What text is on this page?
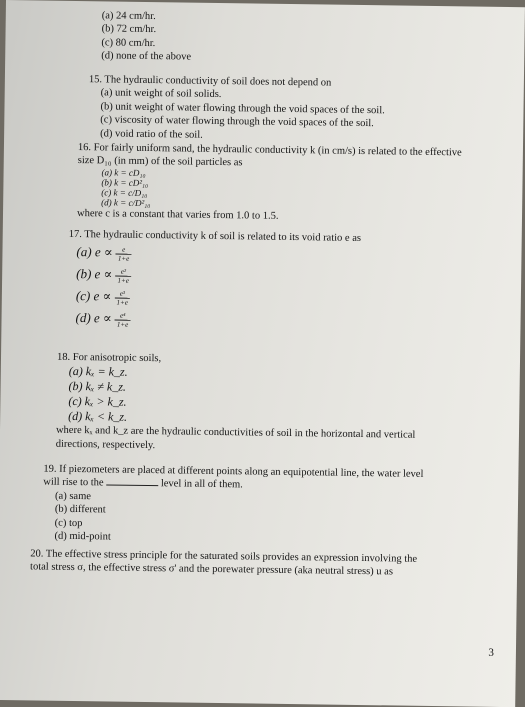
(a) 24 cm/hr.
(b) 72 cm/hr.
(c) 80 cm/hr.
(d) none of the above
15. The hydraulic conductivity of soil does not depend on
(a) unit weight of soil solids.
(b) unit weight of water flowing through the void spaces of the soil.
(c) viscosity of water flowing through the void spaces of the soil.
(d) void ratio of the soil.
16. For fairly uniform sand, the hydraulic conductivity k (in cm/s) is related to the effective
size D₁₀ (in mm) of the soil particles as
(a) k = cD₁₀
(b) k = cD²₁₀
(c) k = c/D₁₀
(d) k = c/D²₁₀
where c is a constant that varies from 1.0 to 1.5.
17. The hydraulic conductivity k of soil is related to its void ratio e as
(a) $e \propto \frac{e}{1+e}$
(b) $e \propto \frac{\text{e²}}{1+e}$
(c) $e \propto \frac{\text{e³}}{1+e}$
(d) $e \propto \frac{\text{e⁴}}{1+e}$
18. For anisotropic soils,
(a) kₓ = k_z.
(b) kₓ ≠ k_z.
(c) kₓ > k_z.
(d) kₓ < k_z.
where kₓ and k_z are the hydraulic conductivities of soil in the horizontal and vertical
directions, respectively.
19. If piezometers are placed at different points along an equipotential line, the water level
will rise to the	level in all of them.
(a) same
(b) different
(c) top
(d) mid-point
20. The effective stress principle for the saturated soils provides an expression involving the
total stress σ, the effective stress σ' and the porewater pressure (aka neutral stress) u as
3
